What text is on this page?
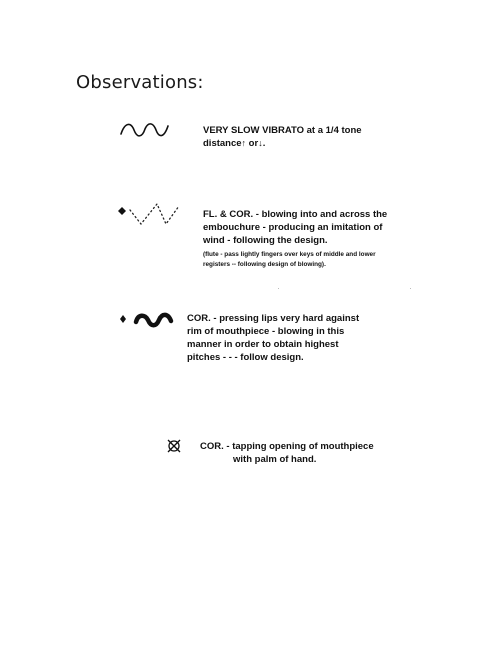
Observations:
VERY SLOW VIBRATO at a 1/4 tone
distance↑ or↓.
FL. & COR. - blowing into and across the
embouchure - producing an imitation of
wind - following the design.
(flute - pass lightly fingers over keys of middle and lower
registers -- following design of blowing).
COR. - pressing lips very hard against
rim of mouthpiece - blowing in this
manner in order to obtain highest
pitches - - - follow design.
COR. - tapping opening of mouthpiece
with palm of hand.
